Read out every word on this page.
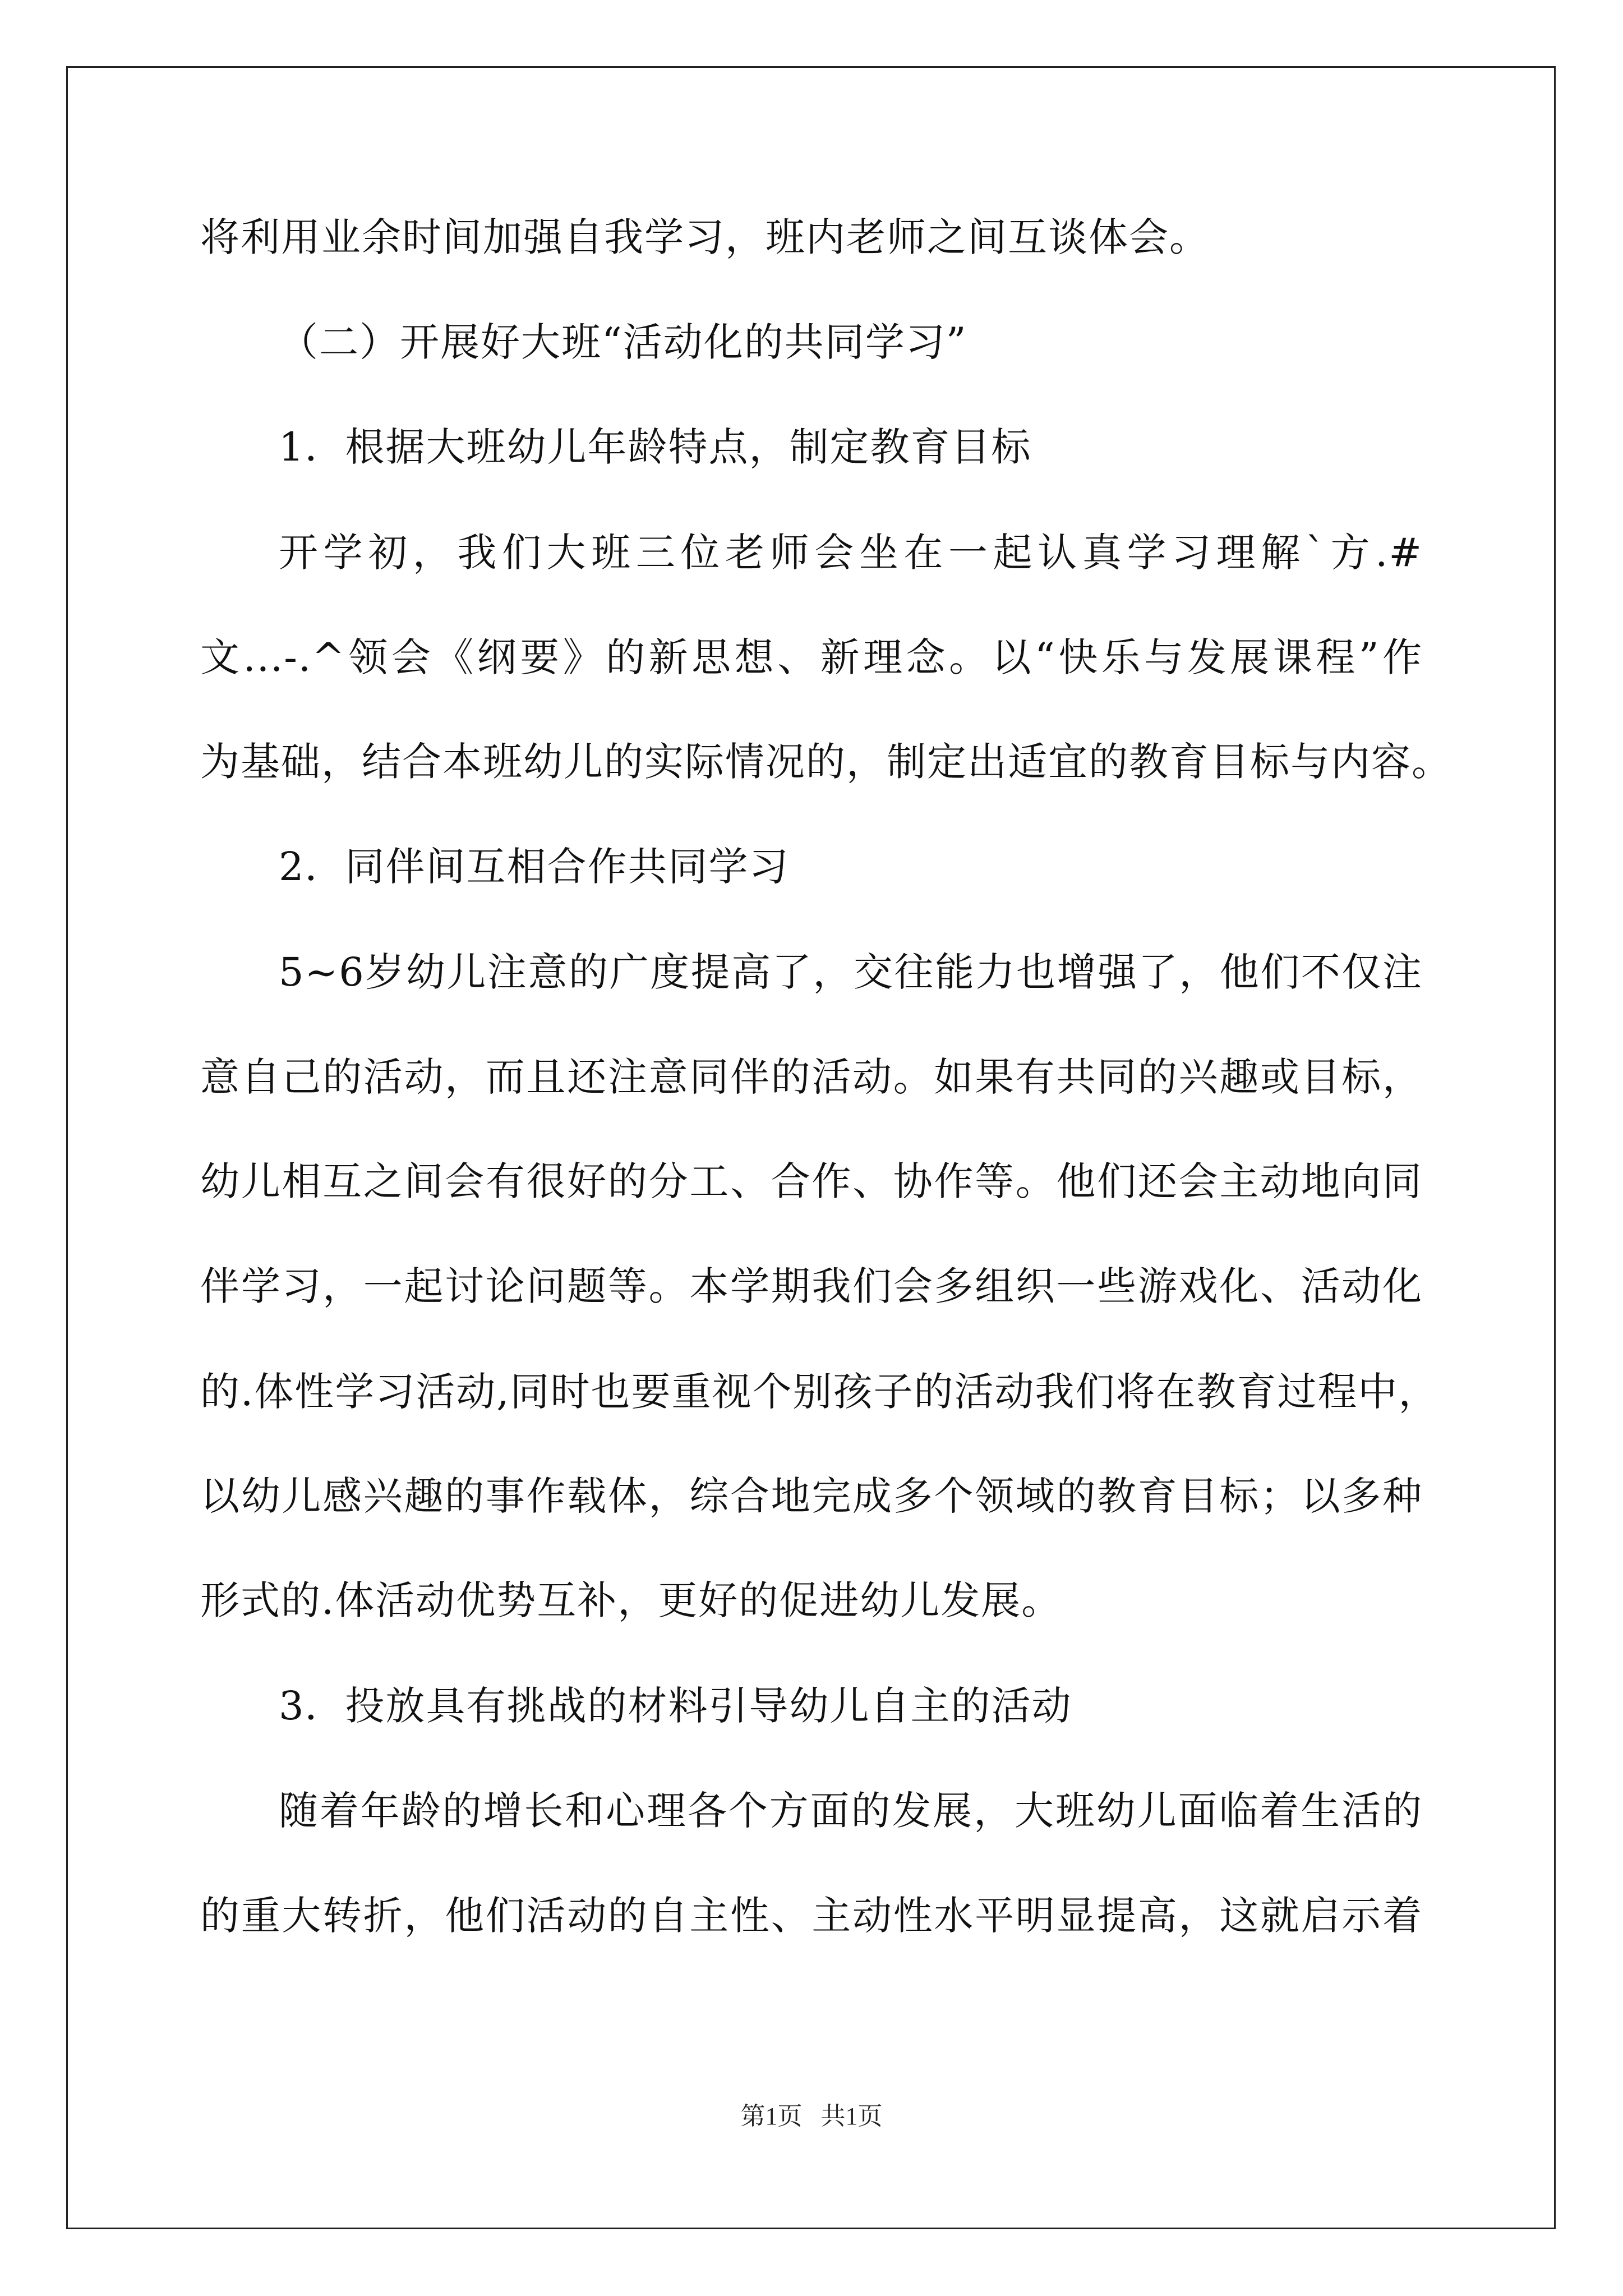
将利用业余时间加强自我学习，班内老师之间互谈体会。
（二）开展好大班“活动化的共同学习”
1．根据大班幼儿年龄特点，制定教育目标
开学初，我们大班三位老师会坐在一起认真学习理解`方.#
文...-.^领会《纲要》的新思想、新理念。以“快乐与发展课程”作
为基础，结合本班幼儿的实际情况的，制定出适宜的教育目标与内容。
2．同伴间互相合作共同学习
5~6岁幼儿注意的广度提高了，交往能力也增强了，他们不仅注
意自己的活动，而且还注意同伴的活动。如果有共同的兴趣或目标，
幼儿相互之间会有很好的分工、合作、协作等。他们还会主动地向同
伴学习，一起讨论问题等。本学期我们会多组织一些游戏化、活动化
的.体性学习活动,同时也要重视个别孩子的活动我们将在教育过程中，
以幼儿感兴趣的事作载体，综合地完成多个领域的教育目标；以多种
形式的.体活动优势互补，更好的促进幼儿发展。
3．投放具有挑战的材料引导幼儿自主的活动
随着年龄的增长和心理各个方面的发展，大班幼儿面临着生活的
的重大转折，他们活动的自主性、主动性水平明显提高，这就启示着
第1页   共1页
